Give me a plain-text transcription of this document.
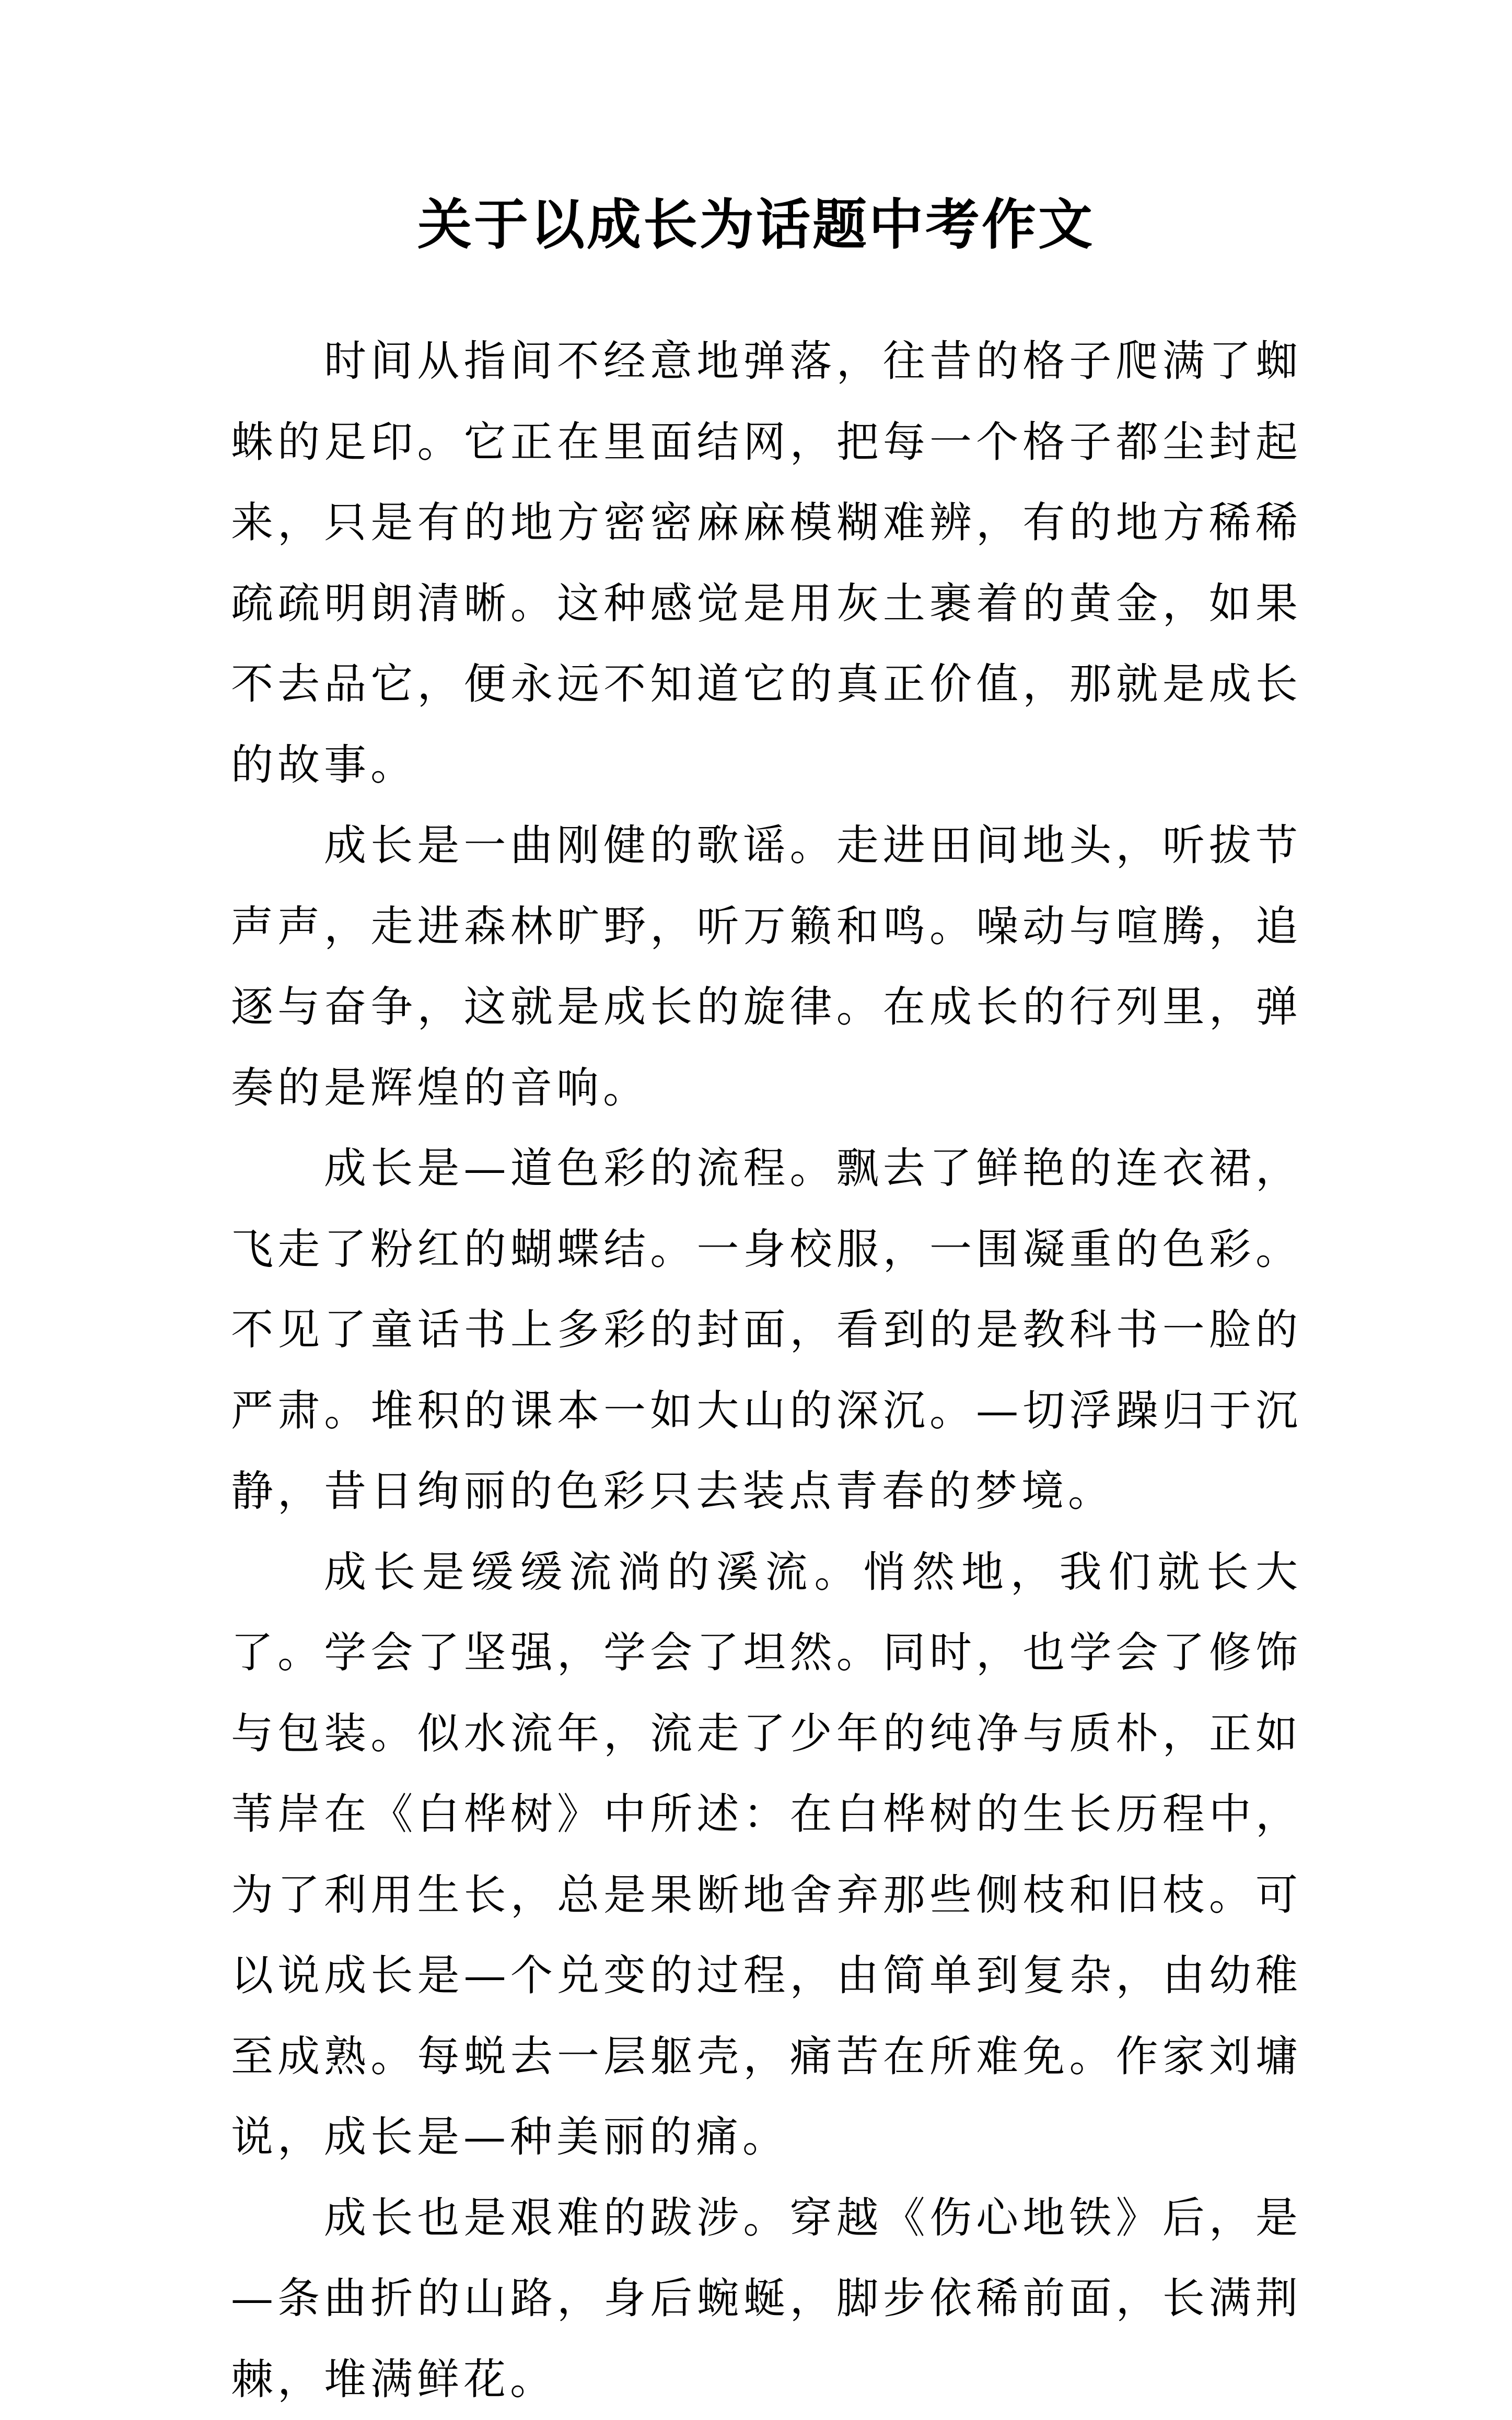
关于以成长为话题中考作文

时间从指间不经意地弹落，往昔的格子爬满了蜘蛛的足印。它正在里面结网，把每一个格子都尘封起来，只是有的地方密密麻麻模糊难辨，有的地方稀稀疏疏明朗清晰。这种感觉是用灰土裹着的黄金，如果不去品它，便永远不知道它的真正价值，那就是成长的故事。

成长是一曲刚健的歌谣。走进田间地头，听拔节声声，走进森林旷野，听万籁和鸣。噪动与喧腾，追逐与奋争，这就是成长的旋律。在成长的行列里，弹奏的是辉煌的音响。

成长是—道色彩的流程。飘去了鲜艳的连衣裙，飞走了粉红的蝴蝶结。一身校服，一围凝重的色彩。不见了童话书上多彩的封面，看到的是教科书一脸的严肃。堆积的课本一如大山的深沉。—切浮躁归于沉静，昔日绚丽的色彩只去装点青春的梦境。

成长是缓缓流淌的溪流。悄然地，我们就长大了。学会了坚强，学会了坦然。同时，也学会了修饰与包装。似水流年，流走了少年的纯净与质朴，正如苇岸在《白桦树》中所述：在白桦树的生长历程中，为了利用生长，总是果断地舍弃那些侧枝和旧枝。可以说成长是—个兑变的过程，由简单到复杂，由幼稚至成熟。每蜕去一层躯壳，痛苦在所难免。作家刘墉说，成长是—种美丽的痛。

成长也是艰难的跋涉。穿越《伤心地铁》后，是—条曲折的山路，身后蜿蜒，脚步依稀前面，长满荆棘，堆满鲜花。
